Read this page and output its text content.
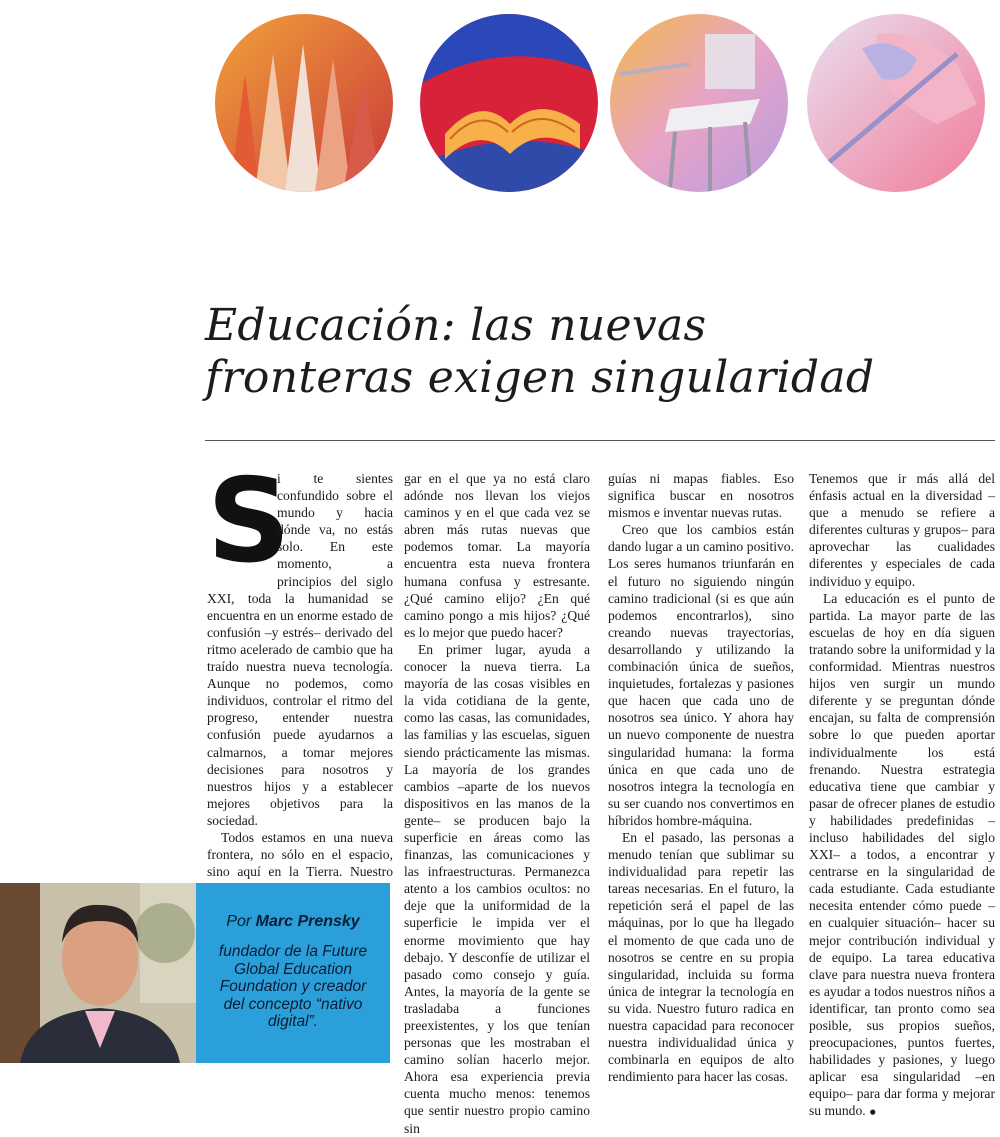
Educación: las nuevas
fronteras exigen singularidad

S
i te sientes confundido sobre el mundo y hacia dónde va, no estás solo. En este momento, a principios del siglo XXI, toda la humanidad se encuentra en un enorme estado de confusión –y estrés– derivado del ritmo acelerado de cambio que ha traído nuestra nueva tecnología. Aunque no podemos, como individuos, controlar el ritmo del progreso, entender nuestra confusión puede ayudarnos a calmarnos, a tomar mejores decisiones para nosotros y nuestros hijos y a establecer mejores objetivos para la sociedad.

Todos estamos en una nueva frontera, no sólo en el espacio, sino aquí en la Tierra. Nuestro

gar en el que ya no está claro adónde nos llevan los viejos caminos y en el que cada vez se abren más rutas nuevas que podemos tomar. La mayoría encuentra esta nueva frontera humana confusa y estresante. ¿Qué camino elijo? ¿En qué camino pongo a mis hijos? ¿Qué es lo mejor que puedo hacer?

En primer lugar, ayuda a conocer la nueva tierra. La mayoría de las cosas visibles en la vida cotidiana de la gente, como las casas, las comunidades, las familias y las escuelas, siguen siendo prácticamente las mismas. La mayoría de los grandes cambios –aparte de los nuevos dispositivos en las manos de la gente– se producen bajo la superficie en áreas como las finanzas, las comunicaciones y las infraestructuras. Permanezca atento a los cambios ocultos: no deje que la uniformidad de la superficie le impida ver el enorme movimiento que hay debajo. Y desconfíe de utilizar el pasado como consejo y guía. Antes, la mayoría de la gente se trasladaba a funciones preexistentes, y los que tenían personas que les mostraban el camino solían hacerlo mejor. Ahora esa experiencia previa cuenta mucho menos: tenemos que sentir nuestro propio camino sin

guías ni mapas fiables. Eso significa buscar en nosotros mismos e inventar nuevas rutas.

Creo que los cambios están dando lugar a un camino positivo. Los seres humanos triunfarán en el futuro no siguiendo ningún camino tradicional (si es que aún podemos encontrarlos), sino creando nuevas trayectorias, desarrollando y utilizando la combinación única de sueños, inquietudes, fortalezas y pasiones que hacen que cada uno de nosotros sea único. Y ahora hay un nuevo componente de nuestra singularidad humana: la forma única en que cada uno de nosotros integra la tecnología en su ser cuando nos convertimos en híbridos hombre-máquina.

En el pasado, las personas a menudo tenían que sublimar su individualidad para repetir las tareas necesarias. En el futuro, la repetición será el papel de las máquinas, por lo que ha llegado el momento de que cada uno de nosotros se centre en su propia singularidad, incluida su forma única de integrar la tecnología en su vida. Nuestro futuro radica en nuestra capacidad para reconocer nuestra individualidad única y combinarla en equipos de alto rendimiento para hacer las cosas.

Tenemos que ir más allá del énfasis actual en la diversidad –que a menudo se refiere a diferentes culturas y grupos– para aprovechar las cualidades diferentes y especiales de cada individuo y equipo.

La educación es el punto de partida. La mayor parte de las escuelas de hoy en día siguen tratando sobre la uniformidad y la conformidad. Mientras nuestros hijos ven surgir un mundo diferente y se preguntan dónde encajan, su falta de comprensión sobre lo que pueden aportar individualmente los está frenando. Nuestra estrategia educativa tiene que cambiar y pasar de ofrecer planes de estudio y habilidades predefinidas –incluso habilidades del siglo XXI– a todos, a encontrar y centrarse en la singularidad de cada estudiante. Cada estudiante necesita entender cómo puede –en cualquier situación– hacer su mejor contribución individual y de equipo. La tarea educativa clave para nuestra nueva frontera es ayudar a todos nuestros niños a identificar, tan pronto como sea posible, sus propios sueños, preocupaciones, puntos fuertes, habilidades y pasiones, y luego aplicar esa singularidad –en equipo– para dar forma y mejorar su mundo. ●

Por Marc Prensky
fundador de la Future Global Education Foundation y creador del concepto “nativo digital”.
